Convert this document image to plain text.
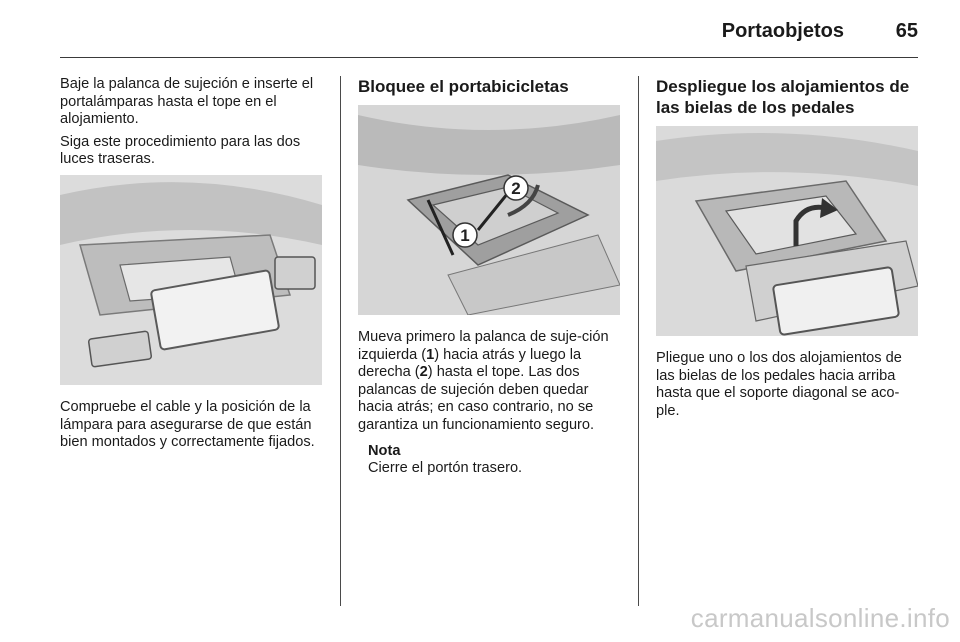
Portaobjetos	65

Baje la palanca de sujeción e inserte el portalámparas hasta el tope en el alojamiento.

Siga este procedimiento para las dos luces traseras.

Compruebe el cable y la posición de la lámpara para asegurarse de que están bien montados y correctamente fijados.

Bloquee el portabicicletas
1
2

Mueva primero la palanca de suje-ción izquierda (1) hacia atrás y luego la derecha (2) hasta el tope. Las dos palancas de sujeción deben quedar hacia atrás; en caso contrario, no se garantiza un funcionamiento seguro.

Nota
Cierre el portón trasero.
Despliegue los alojamientos de las bielas de los pedales

Pliegue uno o los dos alojamientos de las bielas de los pedales hacia arriba hasta que el soporte diagonal se aco-ple.

carmanualsonline.info
